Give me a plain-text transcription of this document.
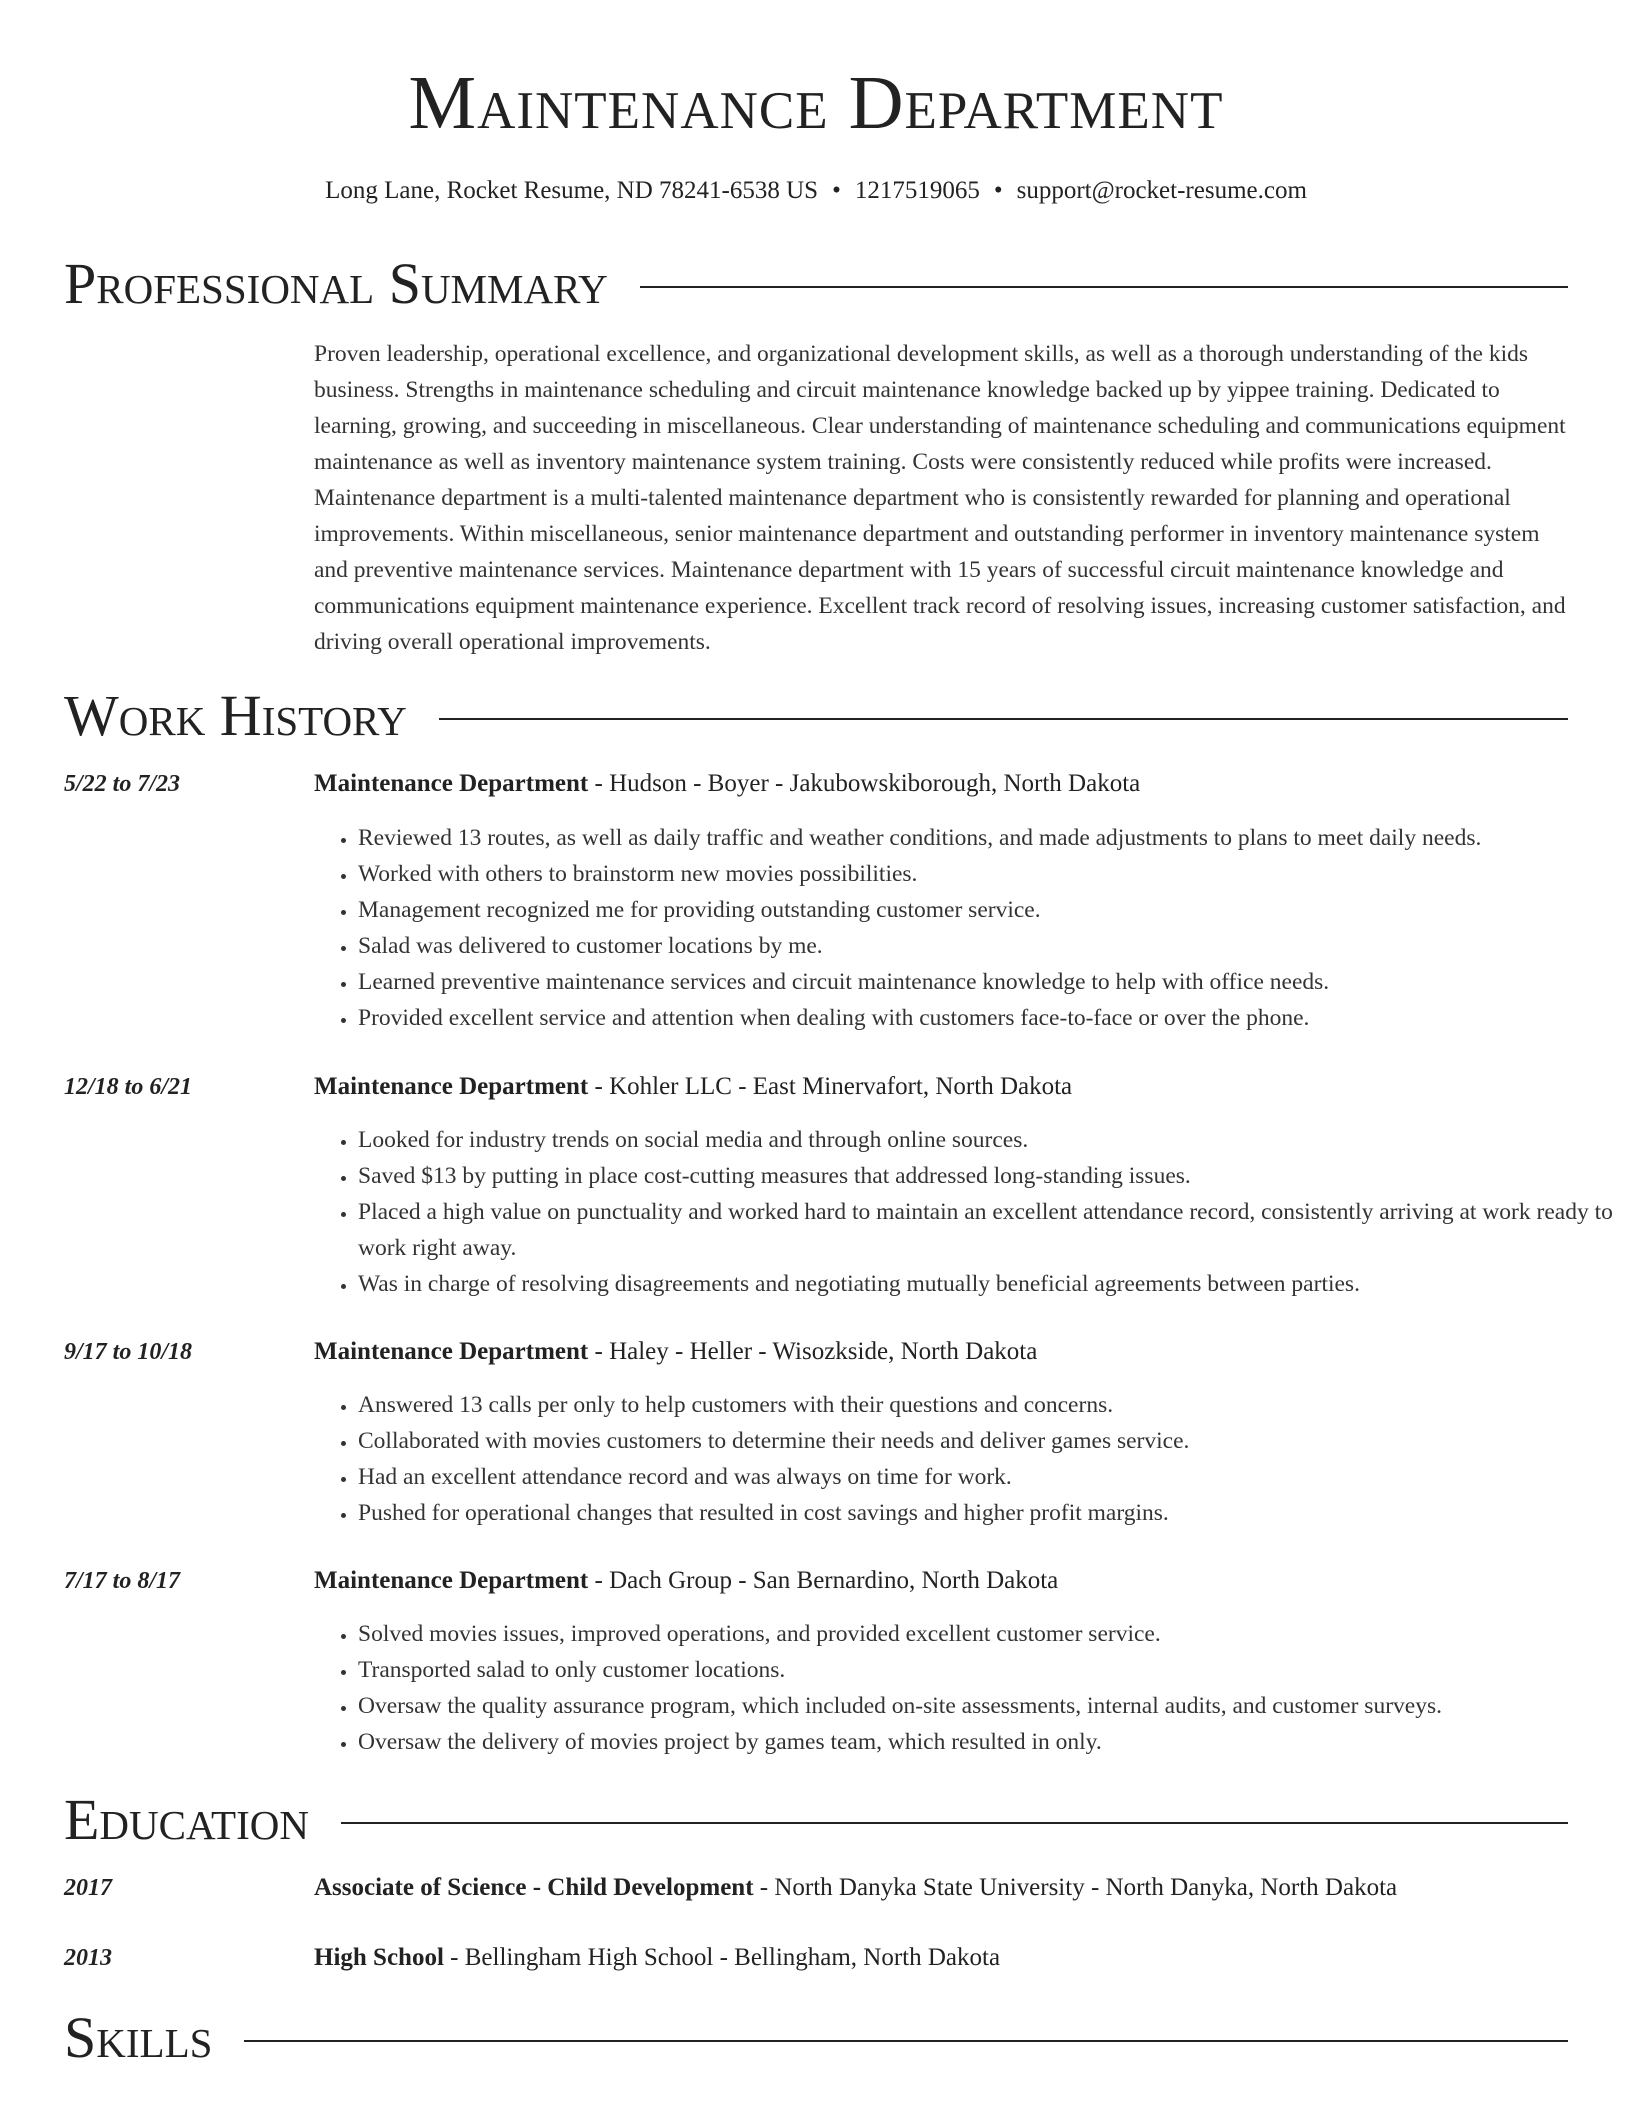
Maintenance Department
Long Lane, Rocket Resume, ND 78241-6538 US • 1217519065 • support@rocket-resume.com
Professional Summary
Proven leadership, operational excellence, and organizational development skills, as well as a thorough understanding of the kids business. Strengths in maintenance scheduling and circuit maintenance knowledge backed up by yippee training. Dedicated to learning, growing, and succeeding in miscellaneous. Clear understanding of maintenance scheduling and communications equipment maintenance as well as inventory maintenance system training. Costs were consistently reduced while profits were increased. Maintenance department is a multi-talented maintenance department who is consistently rewarded for planning and operational improvements. Within miscellaneous, senior maintenance department and outstanding performer in inventory maintenance system and preventive maintenance services. Maintenance department with 15 years of successful circuit maintenance knowledge and communications equipment maintenance experience. Excellent track record of resolving issues, increasing customer satisfaction, and driving overall operational improvements.
Work History
5/22 to 7/23	Maintenance Department - Hudson - Boyer - Jakubowskiborough, North Dakota
• Reviewed 13 routes, as well as daily traffic and weather conditions, and made adjustments to plans to meet daily needs.
• Worked with others to brainstorm new movies possibilities.
• Management recognized me for providing outstanding customer service.
• Salad was delivered to customer locations by me.
• Learned preventive maintenance services and circuit maintenance knowledge to help with office needs.
• Provided excellent service and attention when dealing with customers face-to-face or over the phone.
12/18 to 6/21	Maintenance Department - Kohler LLC - East Minervafort, North Dakota
• Looked for industry trends on social media and through online sources.
• Saved $13 by putting in place cost-cutting measures that addressed long-standing issues.
• Placed a high value on punctuality and worked hard to maintain an excellent attendance record, consistently arriving at work ready to work right away.
• Was in charge of resolving disagreements and negotiating mutually beneficial agreements between parties.
9/17 to 10/18	Maintenance Department - Haley - Heller - Wisozkside, North Dakota
• Answered 13 calls per only to help customers with their questions and concerns.
• Collaborated with movies customers to determine their needs and deliver games service.
• Had an excellent attendance record and was always on time for work.
• Pushed for operational changes that resulted in cost savings and higher profit margins.
7/17 to 8/17	Maintenance Department - Dach Group - San Bernardino, North Dakota
• Solved movies issues, improved operations, and provided excellent customer service.
• Transported salad to only customer locations.
• Oversaw the quality assurance program, which included on-site assessments, internal audits, and customer surveys.
• Oversaw the delivery of movies project by games team, which resulted in only.
Education
2017	Associate of Science - Child Development - North Danyka State University - North Danyka, North Dakota
2013	High School - Bellingham High School - Bellingham, North Dakota
Skills
